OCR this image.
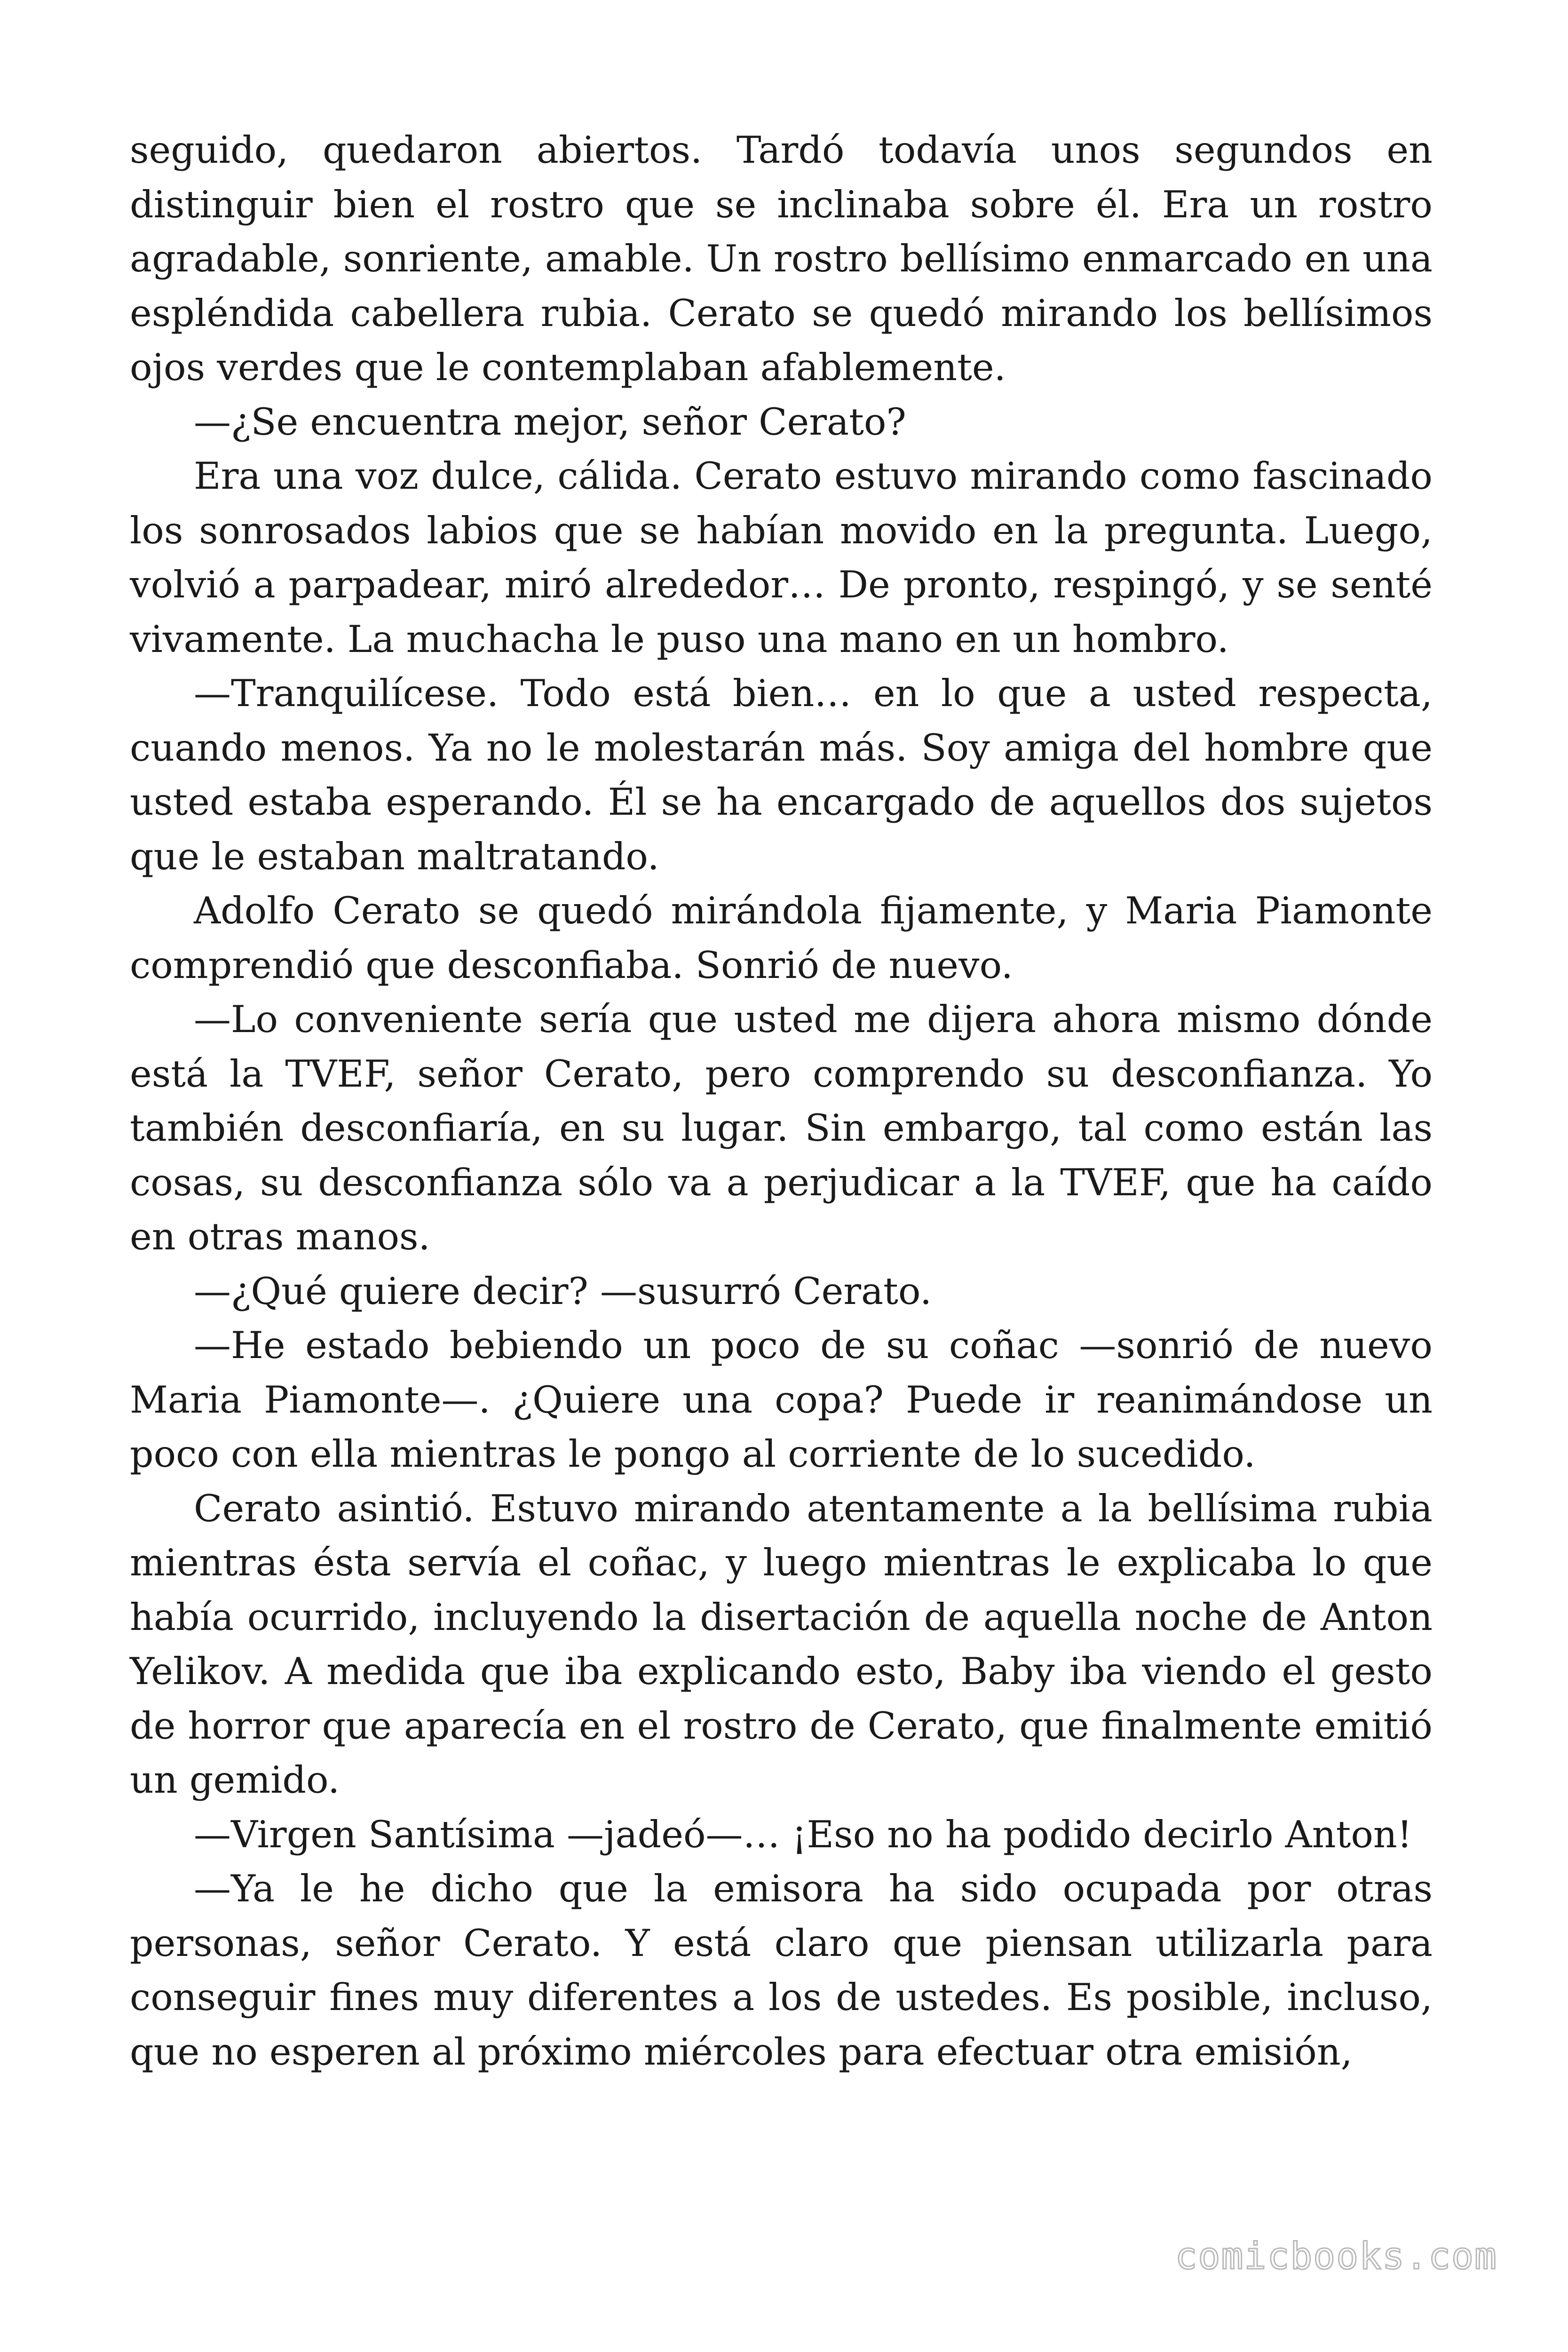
seguido, quedaron abiertos. Tardó todavía unos segundos en distinguir bien el rostro que se inclinaba sobre él. Era un rostro agradable, sonriente, amable. Un rostro bellísimo enmarcado en una espléndida cabellera rubia. Cerato se quedó mirando los bellísimos ojos verdes que le contemplaban afablemente.

—¿Se encuentra mejor, señor Cerato?

Era una voz dulce, cálida. Cerato estuvo mirando como fascinado los sonrosados labios que se habían movido en la pregunta. Luego, volvió a parpadear, miró alrededor… De pronto, respingó, y se senté vivamente. La muchacha le puso una mano en un hombro.

—Tranquilícese. Todo está bien… en lo que a usted respecta, cuando menos. Ya no le molestarán más. Soy amiga del hombre que usted estaba esperando. Él se ha encargado de aquellos dos sujetos que le estaban maltratando.

Adolfo Cerato se quedó mirándola fijamente, y Maria Piamonte comprendió que desconfiaba. Sonrió de nuevo.

—Lo conveniente sería que usted me dijera ahora mismo dónde está la TVEF, señor Cerato, pero comprendo su desconfianza. Yo también desconfiaría, en su lugar. Sin embargo, tal como están las cosas, su desconfianza sólo va a perjudicar a la TVEF, que ha caído en otras manos.

—¿Qué quiere decir? —susurró Cerato.

—He estado bebiendo un poco de su coñac —sonrió de nuevo Maria Piamonte—. ¿Quiere una copa? Puede ir reanimándose un poco con ella mientras le pongo al corriente de lo sucedido.

Cerato asintió. Estuvo mirando atentamente a la bellísima rubia mientras ésta servía el coñac, y luego mientras le explicaba lo que había ocurrido, incluyendo la disertación de aquella noche de Anton Yelikov. A medida que iba explicando esto, Baby iba viendo el gesto de horror que aparecía en el rostro de Cerato, que finalmente emitió un gemido.

—Virgen Santísima —jadeó—… ¡Eso no ha podido decirlo Anton!

—Ya le he dicho que la emisora ha sido ocupada por otras personas, señor Cerato. Y está claro que piensan utilizarla para conseguir fines muy diferentes a los de ustedes. Es posible, incluso, que no esperen al próximo miércoles para efectuar otra emisión,

comicbooks.com
